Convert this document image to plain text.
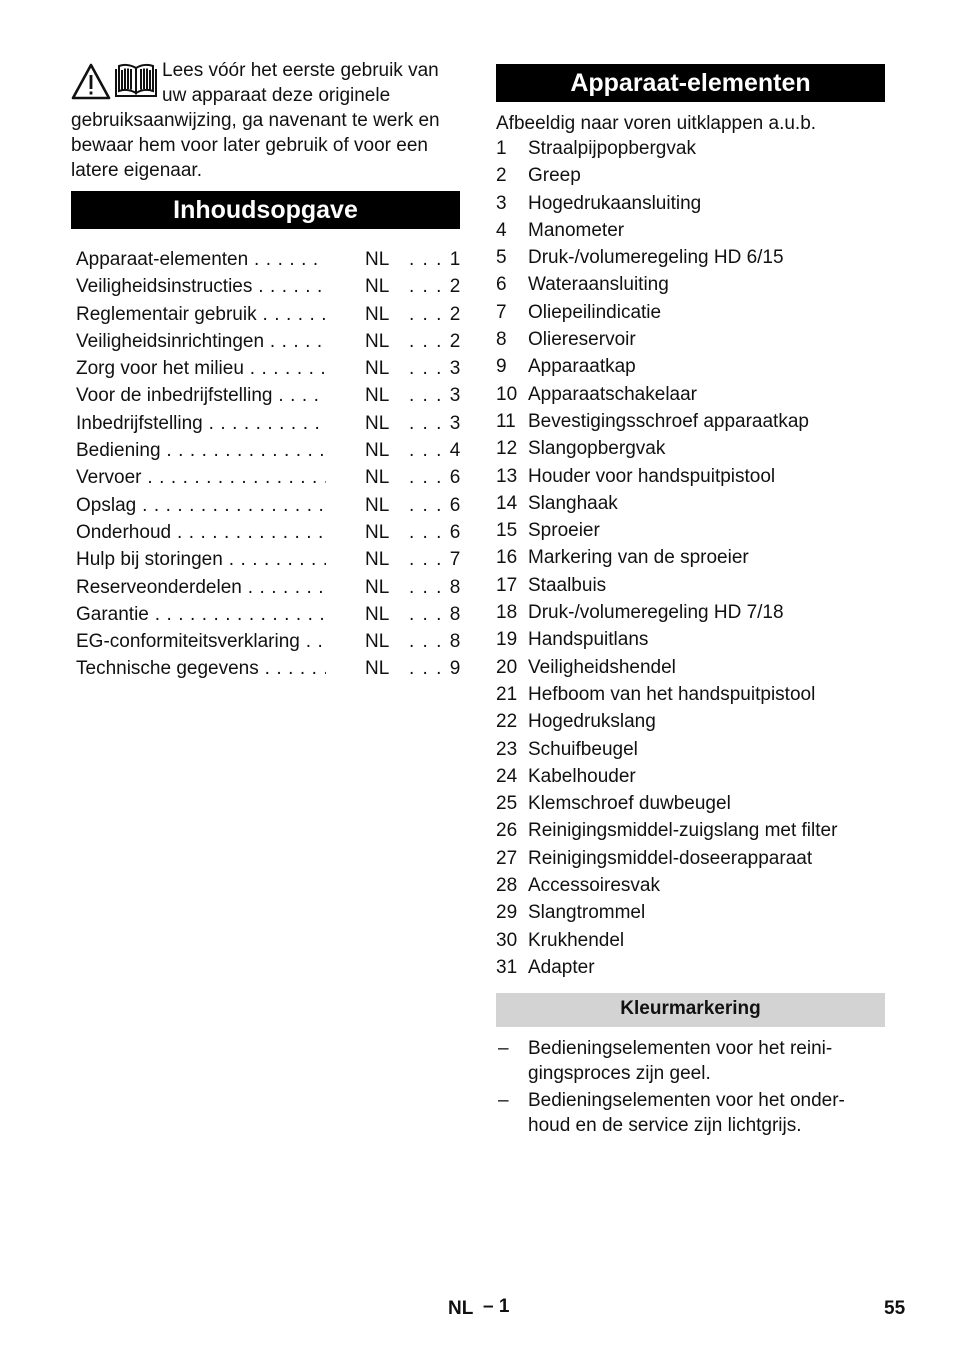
Lees vóór het eerste gebruik van uw apparaat deze originele gebruiksaanwijzing, ga navenant te werk en bewaar hem voor later gebruik of voor een latere eigenaar.
Inhoudsopgave
Apparaat-elementen . . .	NL . . . 1
Veiligheidsinstructies . . .	NL . . . 2
Reglementair gebruik . . .	NL . . . 2
Veiligheidsinrichtingen . . .	NL . . . 2
Zorg voor het milieu . . .	NL . . . 3
Voor de inbedrijfstelling . . .	NL . . . 3
Inbedrijfstelling . . .	NL . . . 3
Bediening . . .	NL . . . 4
Vervoer . . .	NL . . . 6
Opslag . . .	NL . . . 6
Onderhoud . . .	NL . . . 6
Hulp bij storingen . . .	NL . . . 7
Reserveonderdelen . . .	NL . . . 8
Garantie . . .	NL . . . 8
EG-conformiteitsverklaring . . .	NL . . . 8
Technische gegevens . . .	NL . . . 9
Apparaat-elementen
Afbeeldig naar voren uitklappen a.u.b.
1 Straalpijpopbergvak
2 Greep
3 Hogedrukaansluiting
4 Manometer
5 Druk-/volumeregeling HD 6/15
6 Wateraansluiting
7 Oliepeilindicatie
8 Oliereservoir
9 Apparaatkap
10 Apparaatschakelaar
11 Bevestigingsschroef apparaatkap
12 Slangopbergvak
13 Houder voor handspuitpistool
14 Slanghaak
15 Sproeier
16 Markering van de sproeier
17 Staalbuis
18 Druk-/volumeregeling HD 7/18
19 Handspuitlans
20 Veiligheidshendel
21 Hefboom van het handspuitpistool
22 Hogedrukslang
23 Schuifbeugel
24 Kabelhouder
25 Klemschroef duwbeugel
26 Reinigingsmiddel-zuigslang met filter
27 Reinigingsmiddel-doseerapparaat
28 Accessoiresvak
29 Slangtrommel
30 Krukhendel
31 Adapter
Kleurmarkering
– Bedieningselementen voor het reini-
gingsproces zijn geel.
– Bedieningselementen voor het onder-
houd en de service zijn lichtgrijs.
NL – 1	55
